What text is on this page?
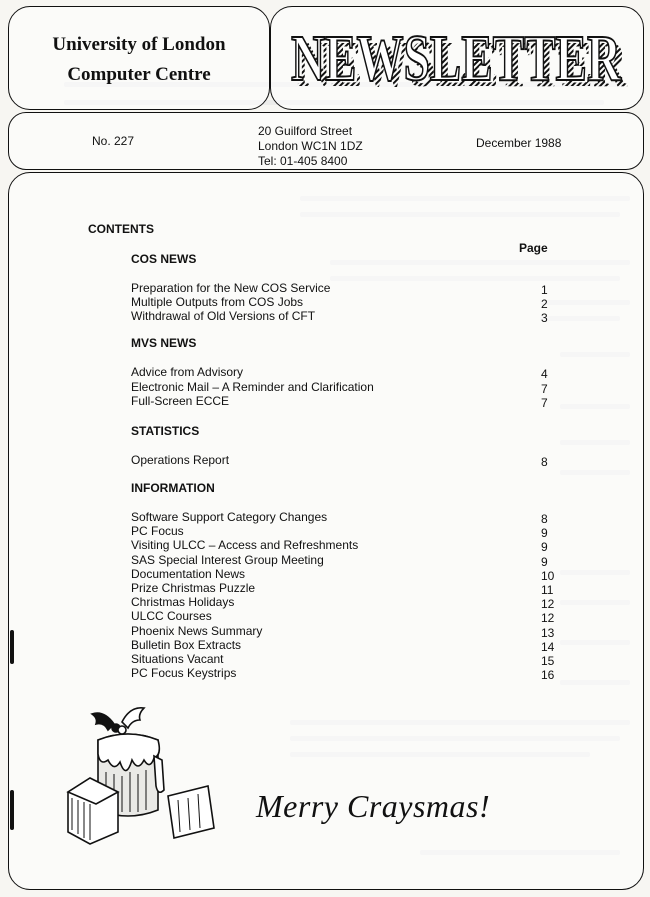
University of London
Computer Centre	NEWSLETTER
NEWSLETTER
No. 227
20 Guilford Street
London WC1N 1DZ
Tel: 01-405 8400
December 1988
CONTENTS
Page
COS NEWS
Preparation for the New COS Service	1
Multiple Outputs from COS Jobs	2
Withdrawal of Old Versions of CFT	3
MVS NEWS
Advice from Advisory	4
Electronic Mail – A Reminder and Clarification	7
Full-Screen ECCE	7
STATISTICS
Operations Report	8
INFORMATION
Software Support Category Changes	8
PC Focus	9
Visiting ULCC – Access and Refreshments	9
SAS Special Interest Group Meeting	9
Documentation News	10
Prize Christmas Puzzle	11
Christmas Holidays	12
ULCC Courses	12
Phoenix News Summary	13
Bulletin Box Extracts	14
Situations Vacant	15
PC Focus Keystrips	16
Merry Craysmas!
